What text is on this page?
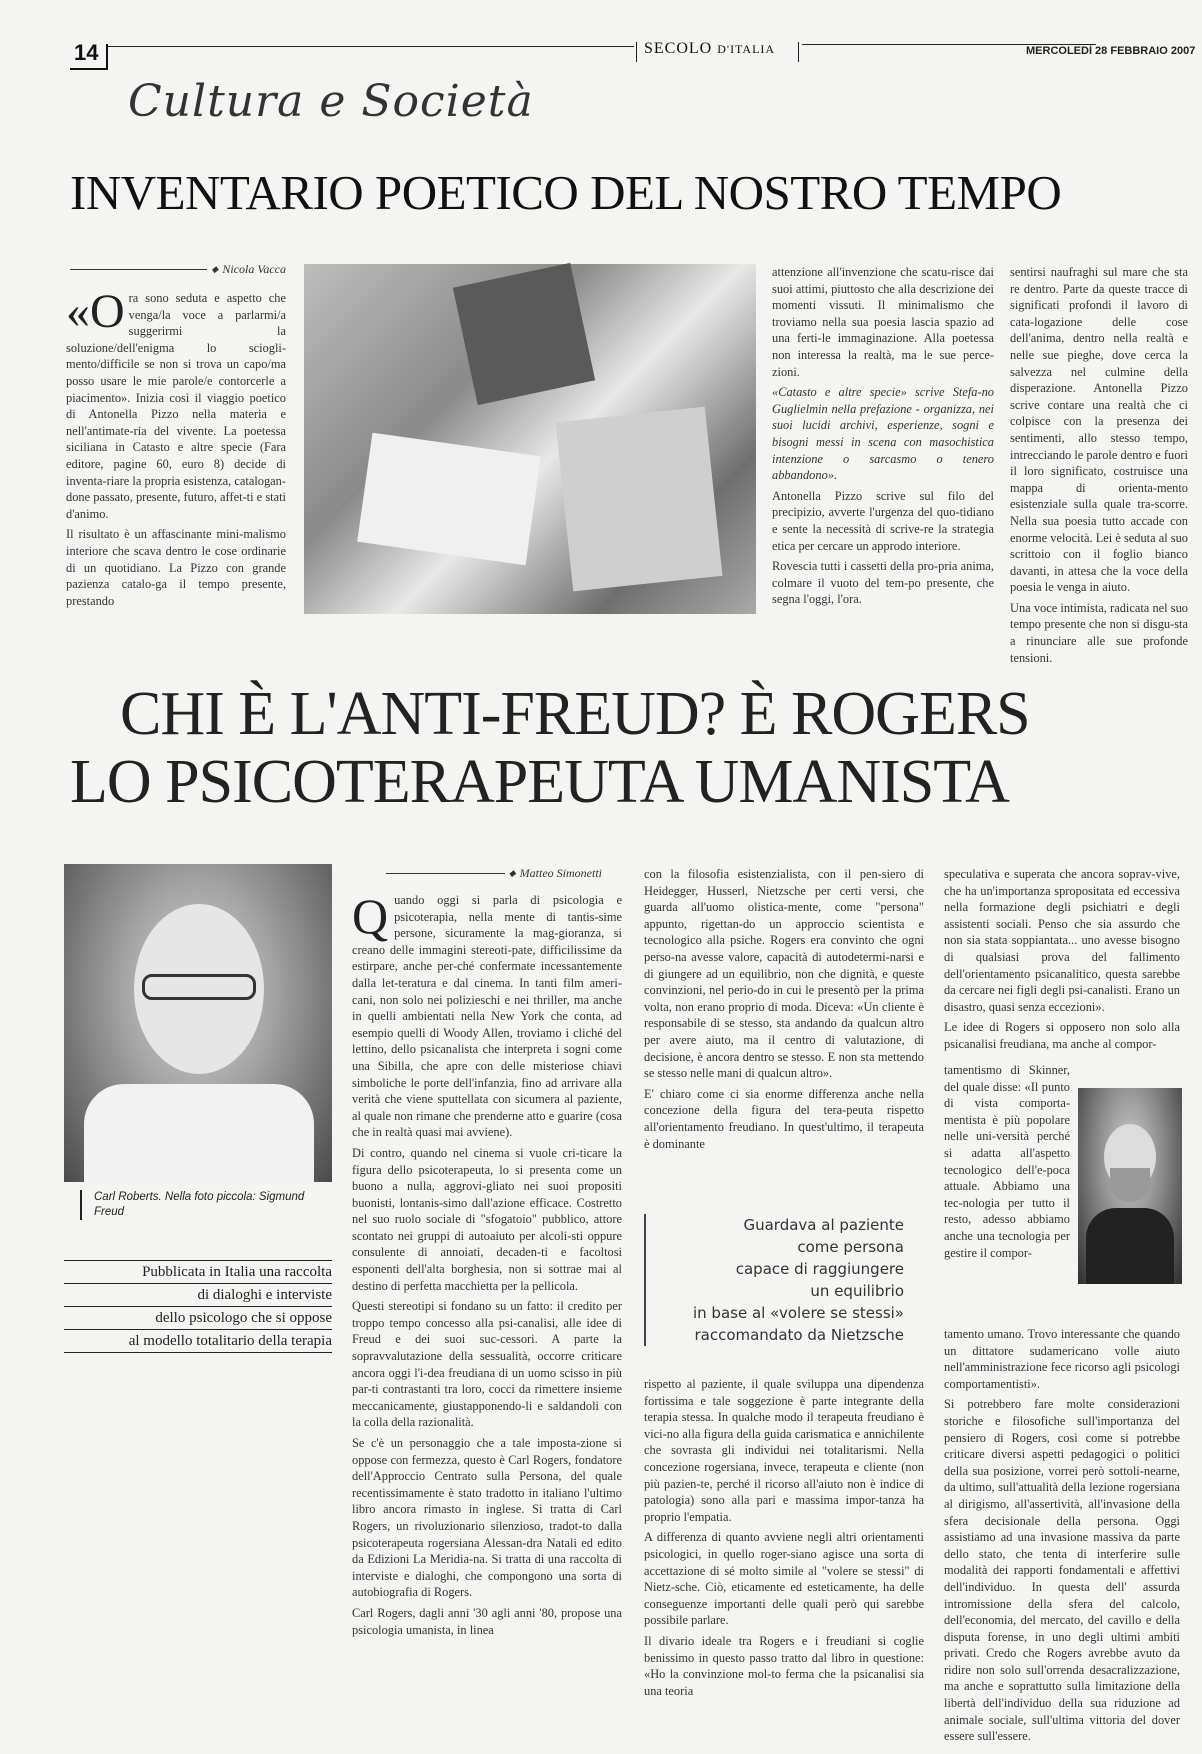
14	SECOLO D'ITALIA	MERCOLEDÌ 28 FEBBRAIO 2007
Cultura e Società
INVENTARIO POETICO DEL NOSTRO TEMPO
◆ Nicola Vacca
«O ra sono seduta e aspetto che venga/la voce a parlarmi/a suggerirmi la soluzione/dell'enigma lo sciogli-mento/difficile se non si trova un capo/ma posso usare le mie parole/e contorcerle a piacimento». Inizia così il viaggio poetico di Antonella Pizzo nella materia e nell'antimate-ria del vivente. La poetessa siciliana in Catasto e altre specie (Fara editore, pagine 60, euro 8) decide di inventa-riare la propria esistenza, catalogan-done passato, presente, futuro, affet-ti e stati d'animo.

Il risultato è un affascinante mini-malismo interiore che scava dentro le cose ordinarie di un quotidiano. La Pizzo con grande pazienza catalo-ga il tempo presente, prestando

attenzione all'invenzione che scatu-risce dai suoi attimi, piuttosto che alla descrizione dei momenti vissuti. Il minimalismo che troviamo nella sua poesia lascia spazio ad una ferti-le immaginazione. Alla poetessa non interessa la realtà, ma le sue perce-zioni.

«Catasto e altre specie» scrive Stefa-no Guglielmin nella prefazione - organizza, nei suoi lucidi archivi, esperienze, sogni e bisogni messi in scena con masochistica intenzione o sarcasmo o tenero abbandono».

Antonella Pizzo scrive sul filo del precipizio, avverte l'urgenza del quo-tidiano e sente la necessità di scrive-re la strategia etica per cercare un approdo interiore.

Rovescia tutti i cassetti della pro-pria anima, colmare il vuoto del tem-po presente, che segna l'oggi, l'ora.

sentirsi naufraghi sul mare che sta re dentro. Parte da queste tracce di significati profondi il lavoro di cata-logazione delle cose dell'anima, dentro nella realtà e nelle sue pieghe, dove cerca la salvezza nel culmine della disperazione. Antonella Pizzo scrive contare una realtà che ci colpisce con la presenza dei sentimenti, allo stesso tempo, intrecciando le parole dentro e fuori il loro significato, costruisce una mappa di orienta-mento esistenziale sulla quale tra-scorre. Nella sua poesia tutto accade con enorme velocità. Lei è seduta al suo scrittoio con il foglio bianco davanti, in attesa che la voce della poesia le venga in aiuto.

Una voce intimista, radicata nel suo tempo presente che non si disgu-sta a rinunciare alle sue profonde tensioni.

CHI È L'ANTI-FREUD? È ROGERS
LO PSICOTERAPEUTA UMANISTA
Carl Roberts. Nella foto piccola: Sigmund Freud
Pubblicata in Italia una raccolta
di dialoghi e interviste
dello psicologo che si oppose
al modello totalitario della terapia
◆ Matteo Simonetti
Q uando oggi si parla di psicologia e psicoterapia, nella mente di tantis-sime persone, sicuramente la mag-gioranza, si creano delle immagini stereoti-pate, difficilissime da estirpare, anche per-ché confermate incessantemente dalla let-teratura e dal cinema. In tanti film ameri-cani, non solo nei polizieschi e nei thriller, ma anche in quelli ambientati nella New York che conta, ad esempio quelli di Woody Allen, troviamo i cliché del lettino, dello psicanalista che interpreta i sogni come una Sibilla, che apre con delle misteriose chiavi simboliche le porte dell'infanzia, fino ad arrivare alla verità che viene sputtellata con sicumera al paziente, al quale non rimane che prenderne atto e guarire (cosa che in realtà quasi mai avviene).

Di contro, quando nel cinema si vuole cri-ticare la figura dello psicoterapeuta, lo si presenta come un buono a nulla, aggrovi-gliato nei suoi propositi buonisti, lontanis-simo dall'azione efficace. Costretto nel suo ruolo sociale di "sfogatoio" pubblico, attore scontato nei gruppi di autoaiuto per alcoli-sti oppure consulente di annoiati, decaden-ti e facoltosi esponenti dell'alta borghesia, non si sottrae mai al destino di perfetta macchietta per la pellicola.

Questi stereotipi si fondano su un fatto: il credito per troppo tempo concesso alla psi-canalisi, alle idee di Freud e dei suoi suc-cessori. A parte la sopravvalutazione della sessualità, occorre criticare ancora oggi l'i-dea freudiana di un uomo scisso in più par-ti contrastanti tra loro, cocci da rimettere insieme meccanicamente, giustapponendo-li e saldandoli con la colla della razionalità.

Se c'è un personaggio che a tale imposta-zione si oppose con fermezza, questo è Carl Rogers, fondatore dell'Approccio Centrato sulla Persona, del quale recentissimamente è stato tradotto in italiano l'ultimo libro ancora rimasto in inglese. Si tratta di Carl Rogers, un rivoluzionario silenzioso, tradot-to dalla psicoterapeuta rogersiana Alessan-dra Natali ed edito da Edizioni La Meridia-na. Si tratta di una raccolta di interviste e dialoghi, che compongono una sorta di autobiografia di Rogers.

Carl Rogers, dagli anni '30 agli anni '80, propose una psicologia umanista, in linea

con la filosofia esistenzialista, con il pen-siero di Heidegger, Husserl, Nietzsche per certi versi, che guarda all'uomo olistica-mente, come "persona" appunto, rigettan-do un approccio scientista e tecnologico alla psiche. Rogers era convinto che ogni perso-na avesse valore, capacità di autodetermi-narsi e di giungere ad un equilibrio, non che dignità, e queste convinzioni, nel perio-do in cui le presentò per la prima volta, non erano proprio di moda. Diceva: «Un cliente è responsabile di se stesso, sta andando da qualcun altro per avere aiuto, ma il centro di valutazione, di decisione, è ancora dentro se stesso. E non sta mettendo se stesso nelle mani di qualcun altro».

E' chiaro come ci sia enorme differenza anche nella concezione della figura del tera-peuta rispetto all'orientamento freudiano. In quest'ultimo, il terapeuta è dominante

Guardava al paziente
come persona
capace di raggiungere
un equilibrio
in base al «volere se stessi»
raccomandato da Nietzsche

rispetto al paziente, il quale sviluppa una dipendenza fortissima e tale soggezione è parte integrante della terapia stessa. In qualche modo il terapeuta freudiano è vici-no alla figura della guida carismatica e annichilente che sovrasta gli individui nei totalitarismi. Nella concezione rogersiana, invece, terapeuta e cliente (non più pazien-te, perché il ricorso all'aiuto non è indice di patologia) sono alla pari e massima impor-tanza ha proprio l'empatia.

A differenza di quanto avviene negli altri orientamenti psicologici, in quello roger-siano agisce una sorta di accettazione di sé molto simile al "volere se stessi" di Nietz-sche. Ciò, eticamente ed esteticamente, ha delle conseguenze importanti delle quali però qui sarebbe possibile parlare.

Il divario ideale tra Rogers e i freudiani si coglie benissimo in questo passo tratto dal libro in questione: «Ho la convinzione mol-to ferma che la psicanalisi sia una teoria

speculativa e superata che ancora soprav-vive, che ha un'importanza spropositata ed eccessiva nella formazione degli psichiatri e degli assistenti sociali. Penso che sia assurdo che non sia stata soppiantata... uno avesse bisogno di qualsiasi prova del fallimento dell'orientamento psicanalitico, questa sarebbe da cercare nei figli degli psi-canalisti. Erano un disastro, quasi senza eccezioni».

Le idee di Rogers si opposero non solo alla psicanalisi freudiana, ma anche al compor-

tamentismo di Skinner, del quale disse: «Il punto di vista comporta-mentista è più popolare nelle uni-versità perché si adatta all'aspetto tecnologico dell'e-poca attuale. Abbiamo una tec-nologia per tutto il resto, adesso abbiamo anche una tecnologia per gestire il compor-

tamento umano. Trovo interessante che quando un dittatore sudamericano volle aiuto nell'amministrazione fece ricorso agli psicologi comportamentisti».

Si potrebbero fare molte considerazioni storiche e filosofiche sull'importanza del pensiero di Rogers, così come si potrebbe criticare diversi aspetti pedagogici o politici della sua posizione, vorrei però sottoli-nearne, da ultimo, sull'attualità della lezione rogersiana al dirigismo, all'assertività, all'invasione della sfera decisionale della persona. Oggi assistiamo ad una invasione massiva da parte dello stato, che tenta di interferire sulle modalità dei rapporti fondamentali e affettivi dell'individuo. In questa dell' assurda intromissione della sfera del calcolo, dell'economia, del mercato, del cavillo e della disputa forense, in uno degli ultimi ambiti privati. Credo che Rogers avrebbe avuto da ridire non solo sull'orrenda desacralizzazione, ma anche e soprattutto sulla limitazione della libertà dell'individuo della sua riduzione ad animale sociale, sull'ultima vittoria del dover essere sull'essere.
